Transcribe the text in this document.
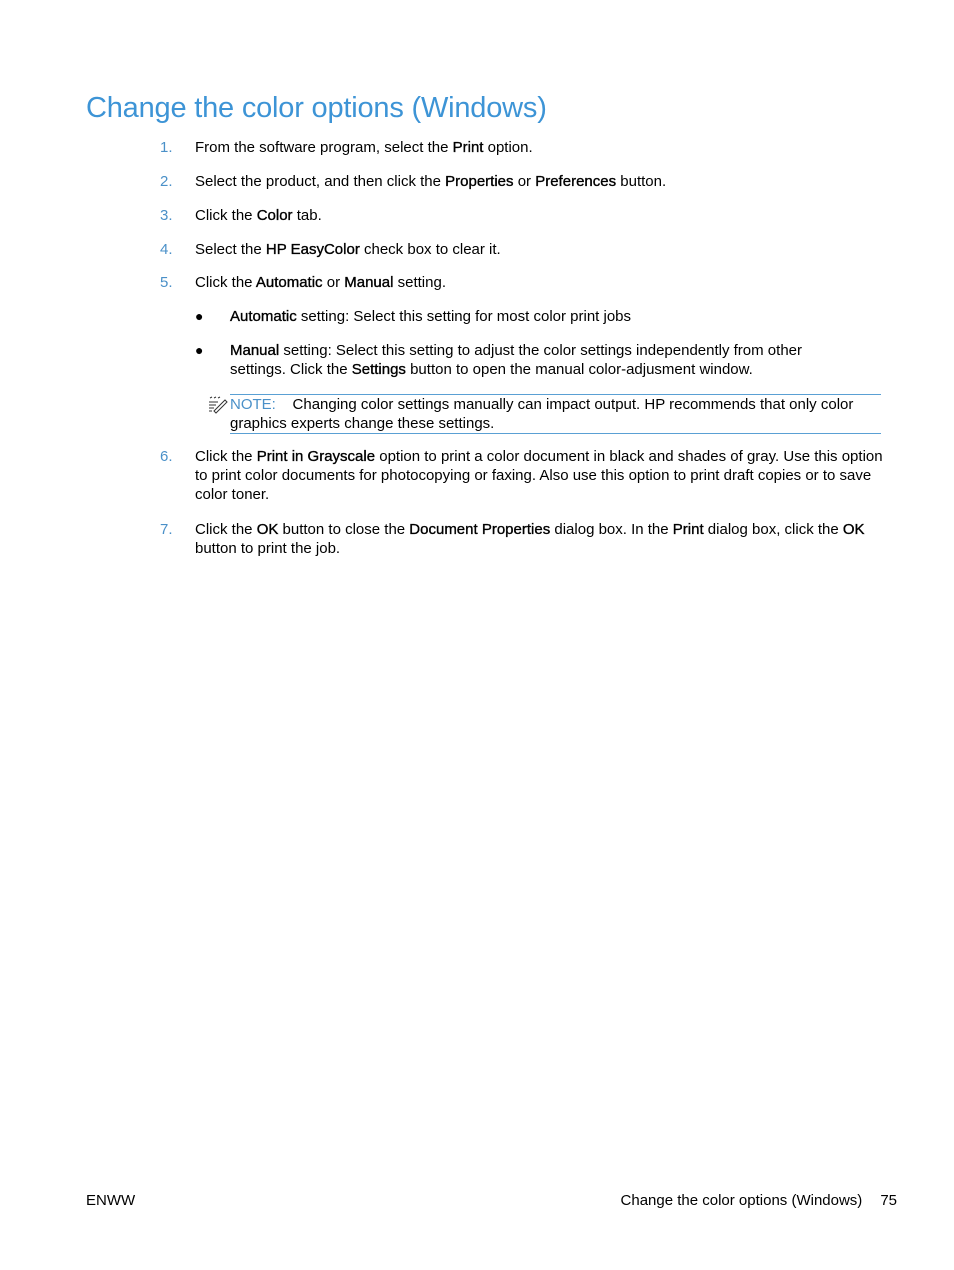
Change the color options (Windows)
1. From the software program, select the Print option.
2. Select the product, and then click the Properties or Preferences button.
3. Click the Color tab.
4. Select the HP EasyColor check box to clear it.
5. Click the Automatic or Manual setting.
● Automatic setting: Select this setting for most color print jobs
● Manual setting: Select this setting to adjust the color settings independently from other settings. Click the Settings button to open the manual color-adjusment window.
NOTE: Changing color settings manually can impact output. HP recommends that only color graphics experts change these settings.
6. Click the Print in Grayscale option to print a color document in black and shades of gray. Use this option to print color documents for photocopying or faxing. Also use this option to print draft copies or to save color toner.
7. Click the OK button to close the Document Properties dialog box. In the Print dialog box, click the OK button to print the job.
ENWW	Change the color options (Windows) 75
